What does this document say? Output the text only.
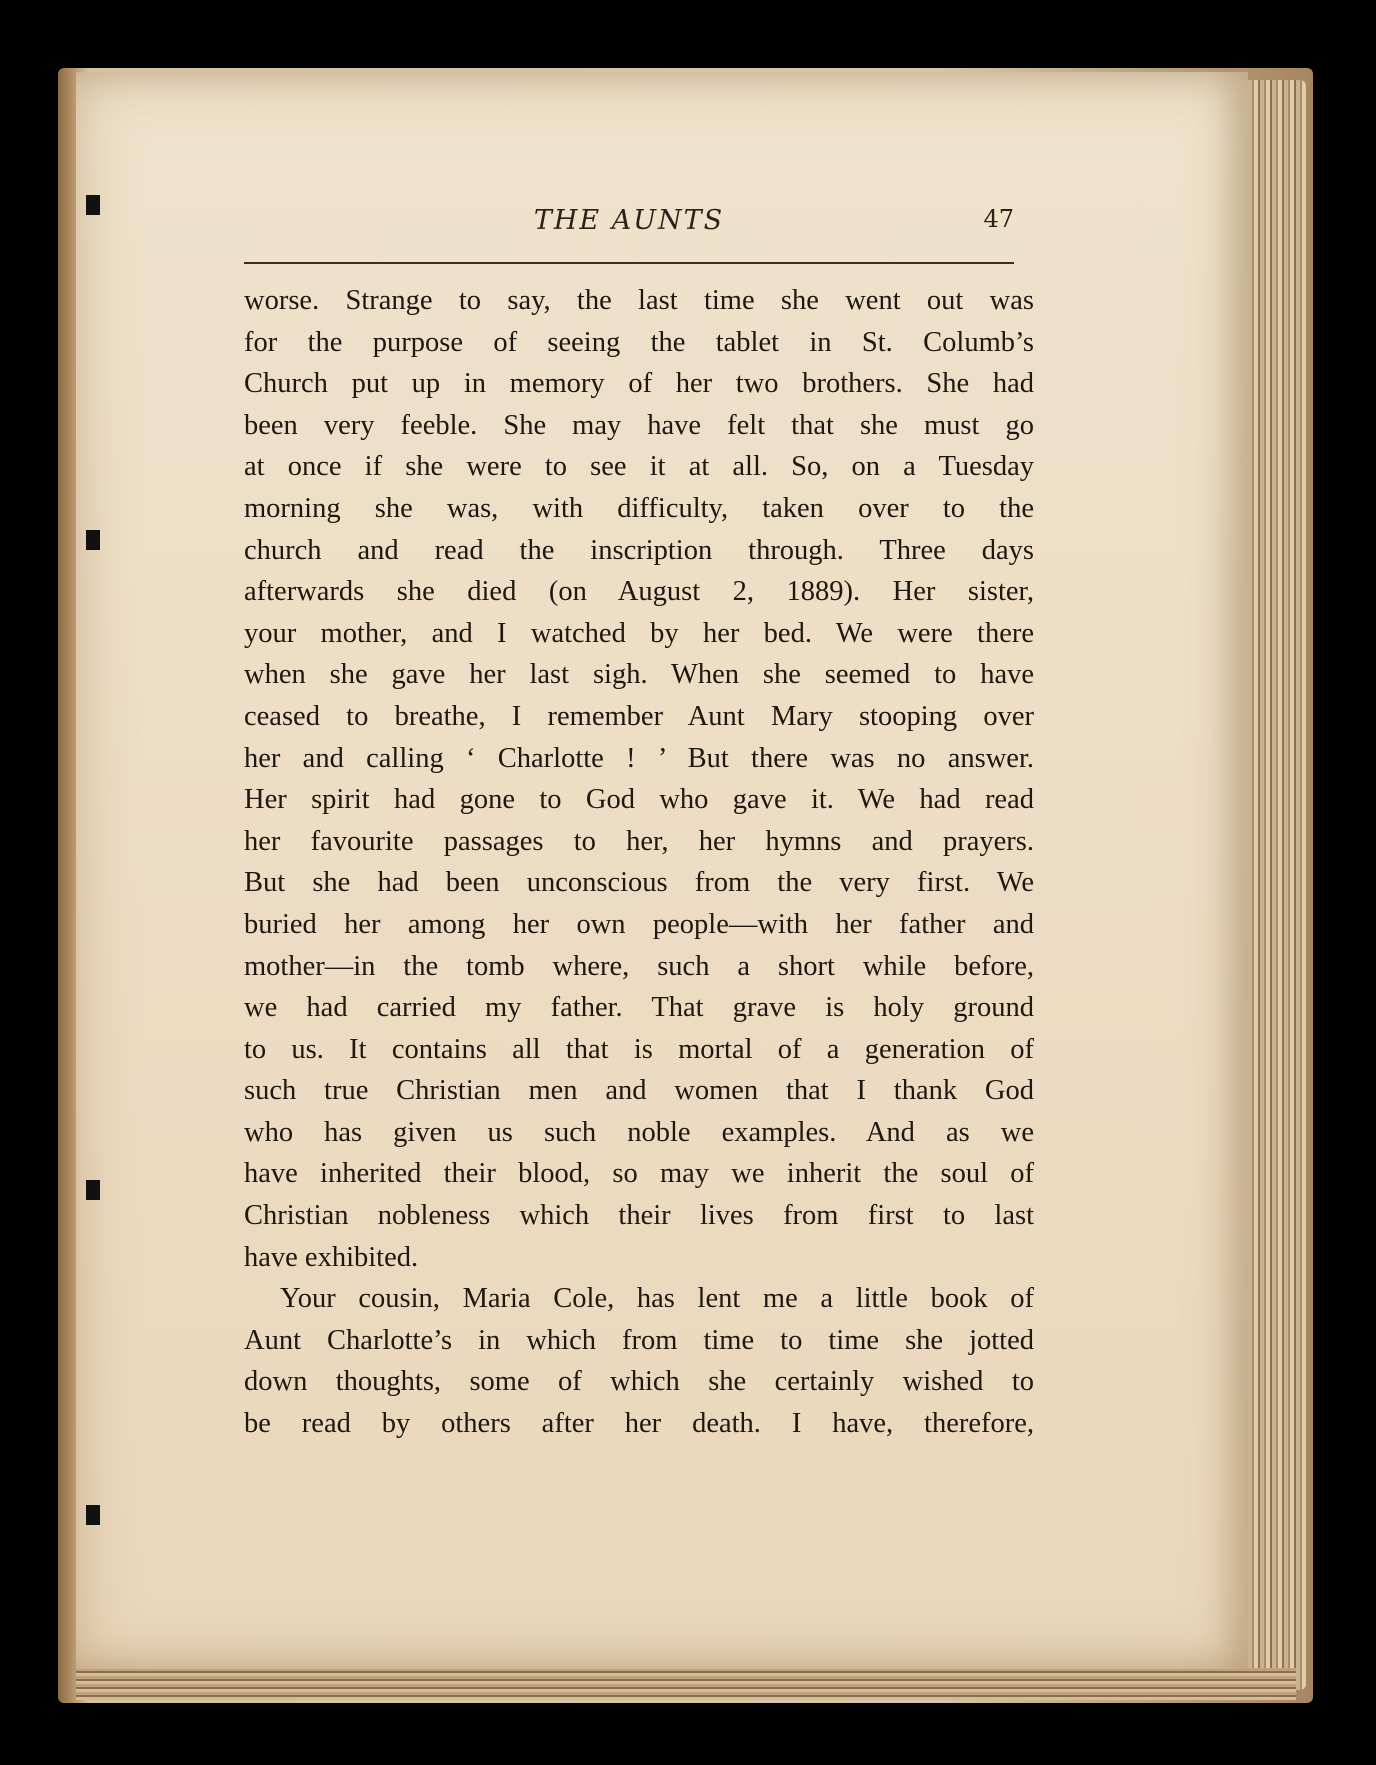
THE AUNTS	47
worse. Strange to say, the last time she went out was
for the purpose of seeing the tablet in St. Columb’s
Church put up in memory of her two brothers. She had
been very feeble. She may have felt that she must go
at once if she were to see it at all. So, on a Tuesday
morning she was, with difficulty, taken over to the
church and read the inscription through. Three days
afterwards she died (on August 2, 1889). Her sister,
your mother, and I watched by her bed. We were there
when she gave her last sigh. When she seemed to have
ceased to breathe, I remember Aunt Mary stooping over
her and calling ‘ Charlotte ! ’ But there was no answer.
Her spirit had gone to God who gave it. We had read
her favourite passages to her, her hymns and prayers.
But she had been unconscious from the very first. We
buried her among her own people—with her father and
mother—in the tomb where, such a short while before,
we had carried my father. That grave is holy ground
to us. It contains all that is mortal of a generation of
such true Christian men and women that I thank God
who has given us such noble examples. And as we
have inherited their blood, so may we inherit the soul of
Christian nobleness which their lives from first to last
have exhibited.
Your cousin, Maria Cole, has lent me a little book of
Aunt Charlotte’s in which from time to time she jotted
down thoughts, some of which she certainly wished to
be read by others after her death. I have, therefore,
